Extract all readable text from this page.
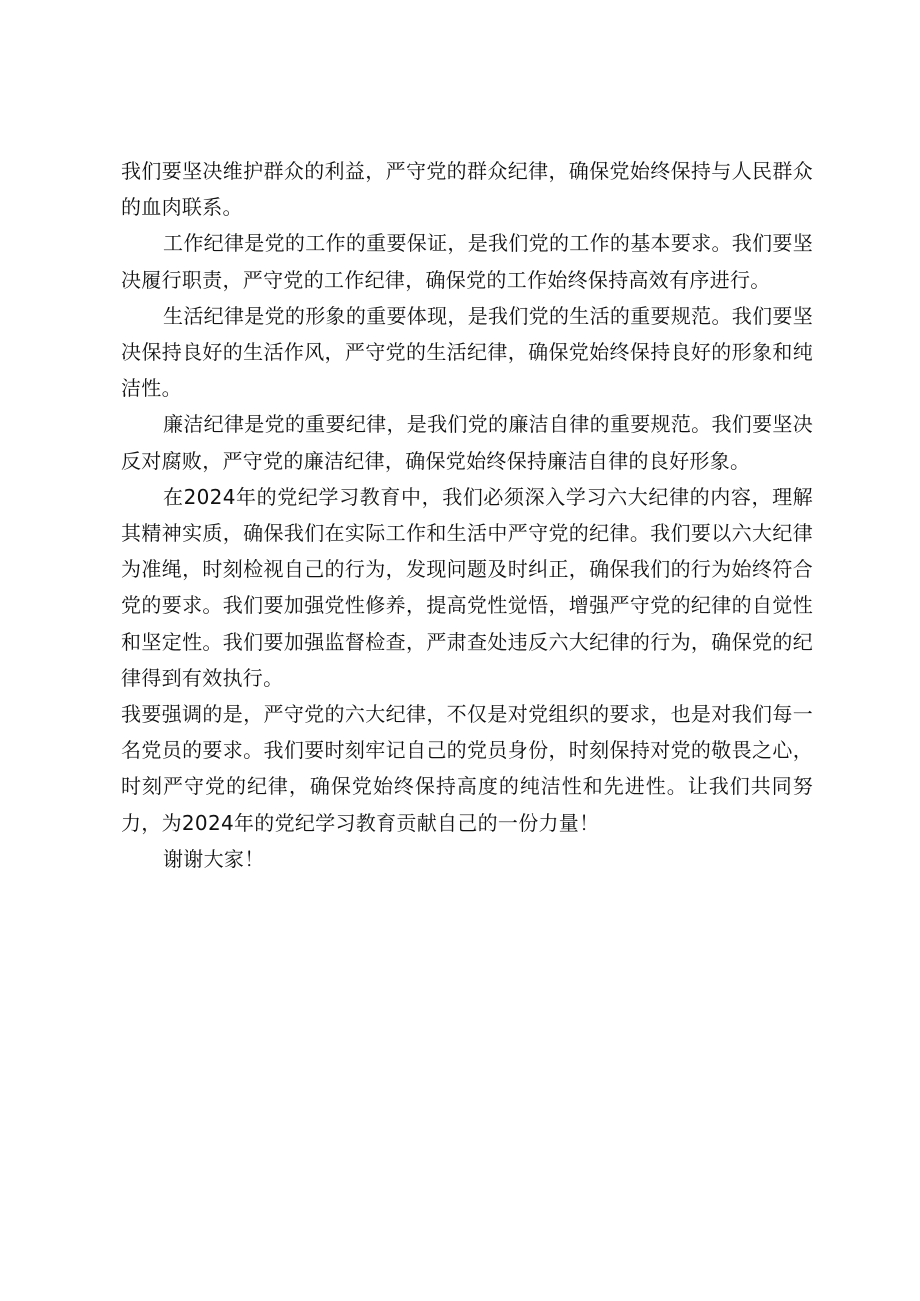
我们要坚决维护群众的利益，严守党的群众纪律，确保党始终保持与人民群众的血肉联系。

工作纪律是党的工作的重要保证，是我们党的工作的基本要求。我们要坚决履行职责，严守党的工作纪律，确保党的工作始终保持高效有序进行。

生活纪律是党的形象的重要体现，是我们党的生活的重要规范。我们要坚决保持良好的生活作风，严守党的生活纪律，确保党始终保持良好的形象和纯洁性。

廉洁纪律是党的重要纪律，是我们党的廉洁自律的重要规范。我们要坚决反对腐败，严守党的廉洁纪律，确保党始终保持廉洁自律的良好形象。

在2024年的党纪学习教育中，我们必须深入学习六大纪律的内容，理解其精神实质，确保我们在实际工作和生活中严守党的纪律。我们要以六大纪律为准绳，时刻检视自己的行为，发现问题及时纠正，确保我们的行为始终符合党的要求。我们要加强党性修养，提高党性觉悟，增强严守党的纪律的自觉性和坚定性。我们要加强监督检查，严肃查处违反六大纪律的行为，确保党的纪律得到有效执行。

我要强调的是，严守党的六大纪律，不仅是对党组织的要求，也是对我们每一名党员的要求。我们要时刻牢记自己的党员身份，时刻保持对党的敬畏之心，时刻严守党的纪律，确保党始终保持高度的纯洁性和先进性。让我们共同努力，为2024年的党纪学习教育贡献自己的一份力量！

谢谢大家！
